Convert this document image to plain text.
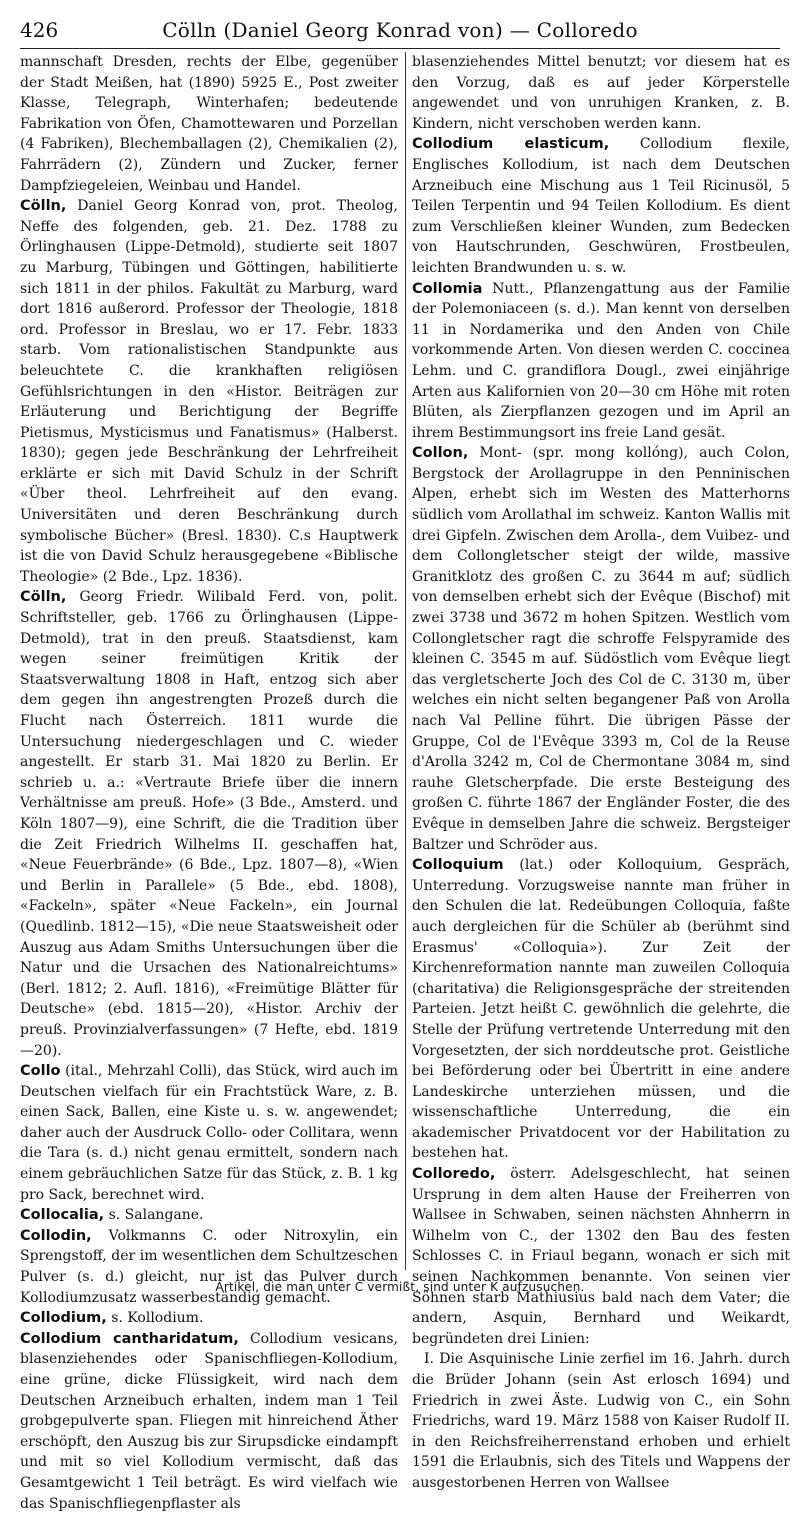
426	Cölln (Daniel Georg Konrad von) — Colloredo

mannschaft Dresden, rechts der Elbe, gegenüber der Stadt Meißen, hat (1890) 5925 E., Post zweiter Klasse, Telegraph, Winterhafen; bedeutende Fabrikation von Öfen, Chamottewaren und Porzellan (4 Fabriken), Blechemballagen (2), Chemikalien (2), Fahrrädern (2), Zündern und Zucker, ferner Dampfziegeleien, Weinbau und Handel.

Cölln, Daniel Georg Konrad von, prot. Theolog, Neffe des folgenden, geb. 21. Dez. 1788 zu Örlinghausen (Lippe-Detmold), studierte seit 1807 zu Marburg, Tübingen und Göttingen, habilitierte sich 1811 in der philos. Fakultät zu Marburg, ward dort 1816 außerord. Professor der Theologie, 1818 ord. Professor in Breslau, wo er 17. Febr. 1833 starb. Vom rationalistischen Standpunkte aus beleuchtete C. die krankhaften religiösen Gefühlsrichtungen in den «Histor. Beiträgen zur Erläuterung und Berichtigung der Begriffe Pietismus, Mysticismus und Fanatismus» (Halberst. 1830); gegen jede Beschränkung der Lehrfreiheit erklärte er sich mit David Schulz in der Schrift «Über theol. Lehrfreiheit auf den evang. Universitäten und deren Beschränkung durch symbolische Bücher» (Bresl. 1830). C.s Hauptwerk ist die von David Schulz herausgegebene «Biblische Theologie» (2 Bde., Lpz. 1836).

Cölln, Georg Friedr. Wilibald Ferd. von, polit. Schriftsteller, geb. 1766 zu Örlinghausen (Lippe-Detmold), trat in den preuß. Staatsdienst, kam wegen seiner freimütigen Kritik der Staatsverwaltung 1808 in Haft, entzog sich aber dem gegen ihn angestrengten Prozeß durch die Flucht nach Österreich. 1811 wurde die Untersuchung niedergeschlagen und C. wieder angestellt. Er starb 31. Mai 1820 zu Berlin. Er schrieb u. a.: «Vertraute Briefe über die innern Verhältnisse am preuß. Hofe» (3 Bde., Amsterd. und Köln 1807—9), eine Schrift, die die Tradition über die Zeit Friedrich Wilhelms II. geschaffen hat, «Neue Feuerbrände» (6 Bde., Lpz. 1807—8), «Wien und Berlin in Parallele» (5 Bde., ebd. 1808), «Fackeln», später «Neue Fackeln», ein Journal (Quedlinb. 1812—15), «Die neue Staatsweisheit oder Auszug aus Adam Smiths Untersuchungen über die Natur und die Ursachen des Nationalreichtums» (Berl. 1812; 2. Aufl. 1816), «Freimütige Blätter für Deutsche» (ebd. 1815—20), «Histor. Archiv der preuß. Provinzialverfassungen» (7 Hefte, ebd. 1819—20).

Collo (ital., Mehrzahl Colli), das Stück, wird auch im Deutschen vielfach für ein Frachtstück Ware, z. B. einen Sack, Ballen, eine Kiste u. s. w. angewendet; daher auch der Ausdruck Collo- oder Collitara, wenn die Tara (s. d.) nicht genau ermittelt, sondern nach einem gebräuchlichen Satze für das Stück, z. B. 1 kg pro Sack, berechnet wird.

Collocalia, s. Salangane.

Collodin, Volkmanns C. oder Nitroxylin, ein Sprengstoff, der im wesentlichen dem Schultzeschen Pulver (s. d.) gleicht, nur ist das Pulver durch Kollodiumzusatz wasserbeständig gemacht.

Collodium, s. Kollodium.

Collodium cantharidatum, Collodium vesicans, blasenziehendes oder Spanischfliegen-Kollodium, eine grüne, dicke Flüssigkeit, wird nach dem Deutschen Arzneibuch erhalten, indem man 1 Teil grobgepulverte span. Fliegen mit hinreichend Äther erschöpft, den Auszug bis zur Sirupsdicke eindampft und mit so viel Kollodium vermischt, daß das Gesamtgewicht 1 Teil beträgt. Es wird vielfach wie das Spanischfliegenpflaster als

blasenziehendes Mittel benutzt; vor diesem hat es den Vorzug, daß es auf jeder Körperstelle angewendet und von unruhigen Kranken, z. B. Kindern, nicht verschoben werden kann.

Collodium elasticum, Collodium flexile, Englisches Kollodium, ist nach dem Deutschen Arzneibuch eine Mischung aus 1 Teil Ricinusöl, 5 Teilen Terpentin und 94 Teilen Kollodium. Es dient zum Verschließen kleiner Wunden, zum Bedecken von Hautschrunden, Geschwüren, Frostbeulen, leichten Brandwunden u. s. w.

Collomia Nutt., Pflanzengattung aus der Familie der Polemoniaceen (s. d.). Man kennt von derselben 11 in Nordamerika und den Anden von Chile vorkommende Arten. Von diesen werden C. coccinea Lehm. und C. grandiflora Dougl., zwei einjährige Arten aus Kalifornien von 20—30 cm Höhe mit roten Blüten, als Zierpflanzen gezogen und im April an ihrem Bestimmungsort ins freie Land gesät.

Collon, Mont- (spr. mong kollóng), auch Colon, Bergstock der Arollagruppe in den Penninischen Alpen, erhebt sich im Westen des Matterhorns südlich vom Arollathal im schweiz. Kanton Wallis mit drei Gipfeln. Zwischen dem Arolla-, dem Vuibez- und dem Collongletscher steigt der wilde, massive Granitklotz des großen C. zu 3644 m auf; südlich von demselben erhebt sich der Evêque (Bischof) mit zwei 3738 und 3672 m hohen Spitzen. Westlich vom Collongletscher ragt die schroffe Felspyramide des kleinen C. 3545 m auf. Südöstlich vom Evêque liegt das vergletscherte Joch des Col de C. 3130 m, über welches ein nicht selten begangener Paß von Arolla nach Val Pelline führt. Die übrigen Pässe der Gruppe, Col de l'Evêque 3393 m, Col de la Reuse d'Arolla 3242 m, Col de Chermontane 3084 m, sind rauhe Gletscherpfade. Die erste Besteigung des großen C. führte 1867 der Engländer Foster, die des Evêque in demselben Jahre die schweiz. Bergsteiger Baltzer und Schröder aus.

Colloquium (lat.) oder Kolloquium, Gespräch, Unterredung. Vorzugsweise nannte man früher in den Schulen die lat. Redeübungen Colloquia, faßte auch dergleichen für die Schüler ab (berühmt sind Erasmus' «Colloquia»). Zur Zeit der Kirchenreformation nannte man zuweilen Colloquia (charitativa) die Religionsgespräche der streitenden Parteien. Jetzt heißt C. gewöhnlich die gelehrte, die Stelle der Prüfung vertretende Unterredung mit den Vorgesetzten, der sich norddeutsche prot. Geistliche bei Beförderung oder bei Übertritt in eine andere Landeskirche unterziehen müssen, und die wissenschaftliche Unterredung, die ein akademischer Privatdocent vor der Habilitation zu bestehen hat.

Colloredo, österr. Adelsgeschlecht, hat seinen Ursprung in dem alten Hause der Freiherren von Wallsee in Schwaben, seinen nächsten Ahnherrn in Wilhelm von C., der 1302 den Bau des festen Schlosses C. in Friaul begann, wonach er sich mit seinen Nachkommen benannte. Von seinen vier Söhnen starb Mathiusius bald nach dem Vater; die andern, Asquin, Bernhard und Weikardt, begründeten drei Linien:

I. Die Asquinische Linie zerfiel im 16. Jahrh. durch die Brüder Johann (sein Ast erlosch 1694) und Friedrich in zwei Äste. Ludwig von C., ein Sohn Friedrichs, ward 19. März 1588 von Kaiser Rudolf II. in den Reichsfreiherrenstand erhoben und erhielt 1591 die Erlaubnis, sich des Titels und Wappens der ausgestorbenen Herren von Wallsee

Artikel, die man unter C vermißt, sind unter K aufzusuchen.
